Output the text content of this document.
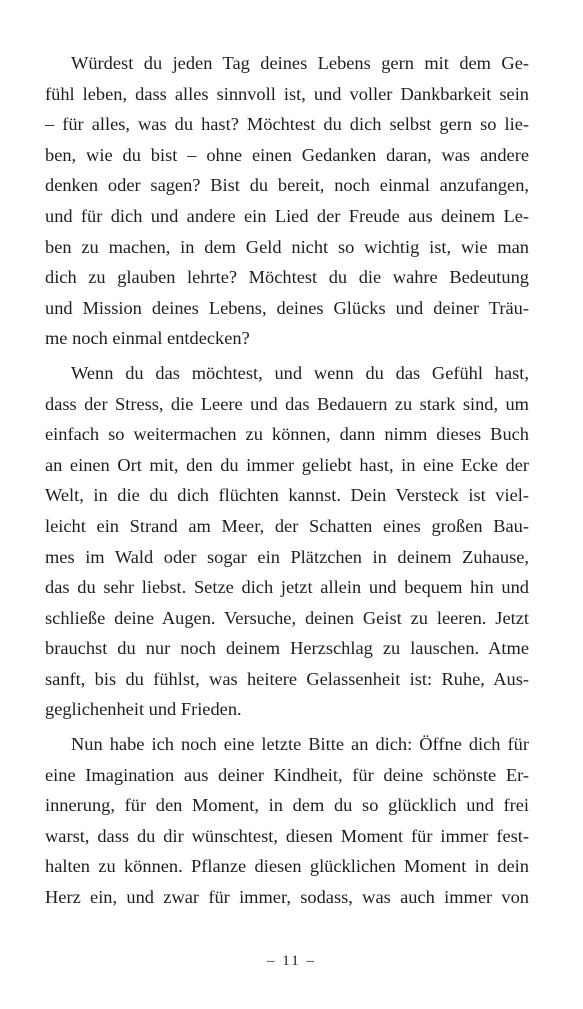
Würdest du jeden Tag deines Lebens gern mit dem Ge-
fühl leben, dass alles sinnvoll ist, und voller Dankbarkeit sein
– für alles, was du hast? Möchtest du dich selbst gern so lie-
ben, wie du bist – ohne einen Gedanken daran, was andere
denken oder sagen? Bist du bereit, noch einmal anzufangen,
und für dich und andere ein Lied der Freude aus deinem Le-
ben zu machen, in dem Geld nicht so wichtig ist, wie man
dich zu glauben lehrte? Möchtest du die wahre Bedeutung
und Mission deines Lebens, deines Glücks und deiner Träu-
me noch einmal entdecken?
Wenn du das möchtest, und wenn du das Gefühl hast,
dass der Stress, die Leere und das Bedauern zu stark sind, um
einfach so weitermachen zu können, dann nimm dieses Buch
an einen Ort mit, den du immer geliebt hast, in eine Ecke der
Welt, in die du dich flüchten kannst. Dein Versteck ist viel-
leicht ein Strand am Meer, der Schatten eines großen Bau-
mes im Wald oder sogar ein Plätzchen in deinem Zuhause,
das du sehr liebst. Setze dich jetzt allein und bequem hin und
schließe deine Augen. Versuche, deinen Geist zu leeren. Jetzt
brauchst du nur noch deinem Herzschlag zu lauschen. Atme
sanft, bis du fühlst, was heitere Gelassenheit ist: Ruhe, Aus-
geglichenheit und Frieden.
Nun habe ich noch eine letzte Bitte an dich: Öffne dich für
eine Imagination aus deiner Kindheit, für deine schönste Er-
innerung, für den Moment, in dem du so glücklich und frei
warst, dass du dir wünschtest, diesen Moment für immer fest-
halten zu können. Pflanze diesen glücklichen Moment in dein
Herz ein, und zwar für immer, sodass, was auch immer von
– 11 –
